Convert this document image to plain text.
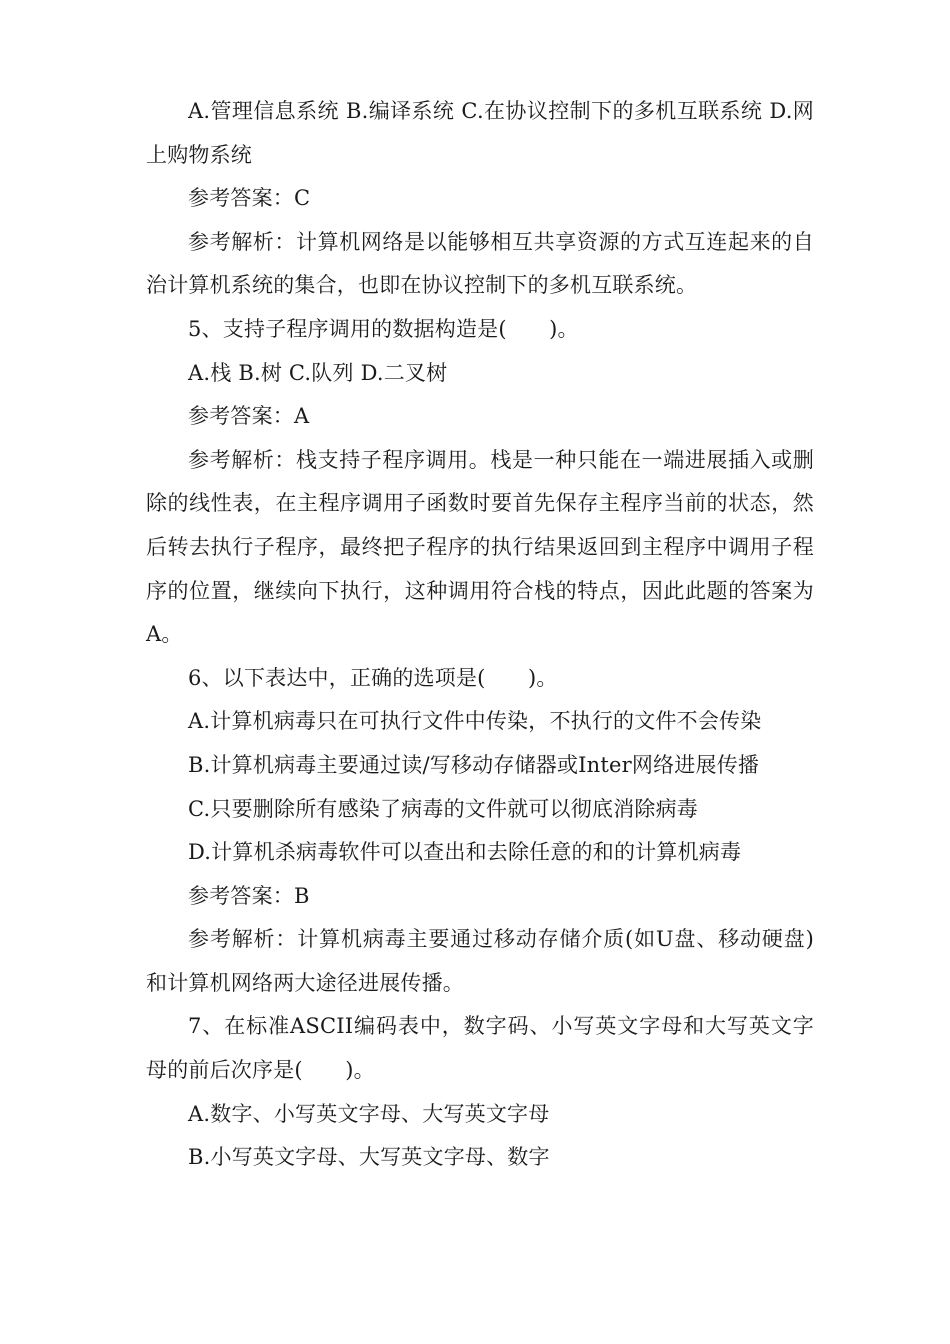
A.管理信息系统 B.编译系统 C.在协议控制下的多机互联系统 D.网上购物系统

参考答案：C

参考解析：计算机网络是以能够相互共享资源的方式互连起来的自治计算机系统的集合，也即在协议控制下的多机互联系统。

5、支持子程序调用的数据构造是(　　)。

A.栈 B.树 C.队列 D.二叉树

参考答案：A

参考解析：栈支持子程序调用。栈是一种只能在一端进展插入或删除的线性表，在主程序调用子函数时要首先保存主程序当前的状态，然后转去执行子程序，最终把子程序的执行结果返回到主程序中调用子程序的位置，继续向下执行，这种调用符合栈的特点，因此此题的答案为A。

6、以下表达中，正确的选项是(　　)。

A.计算机病毒只在可执行文件中传染，不执行的文件不会传染

B.计算机病毒主要通过读/写移动存储器或Inter网络进展传播

C.只要删除所有感染了病毒的文件就可以彻底消除病毒

D.计算机杀病毒软件可以查出和去除任意的和的计算机病毒

参考答案：B

参考解析：计算机病毒主要通过移动存储介质(如U盘、移动硬盘)和计算机网络两大途径进展传播。

7、在标准ASCII编码表中，数字码、小写英文字母和大写英文字母的前后次序是(　　)。

A.数字、小写英文字母、大写英文字母

B.小写英文字母、大写英文字母、数字
